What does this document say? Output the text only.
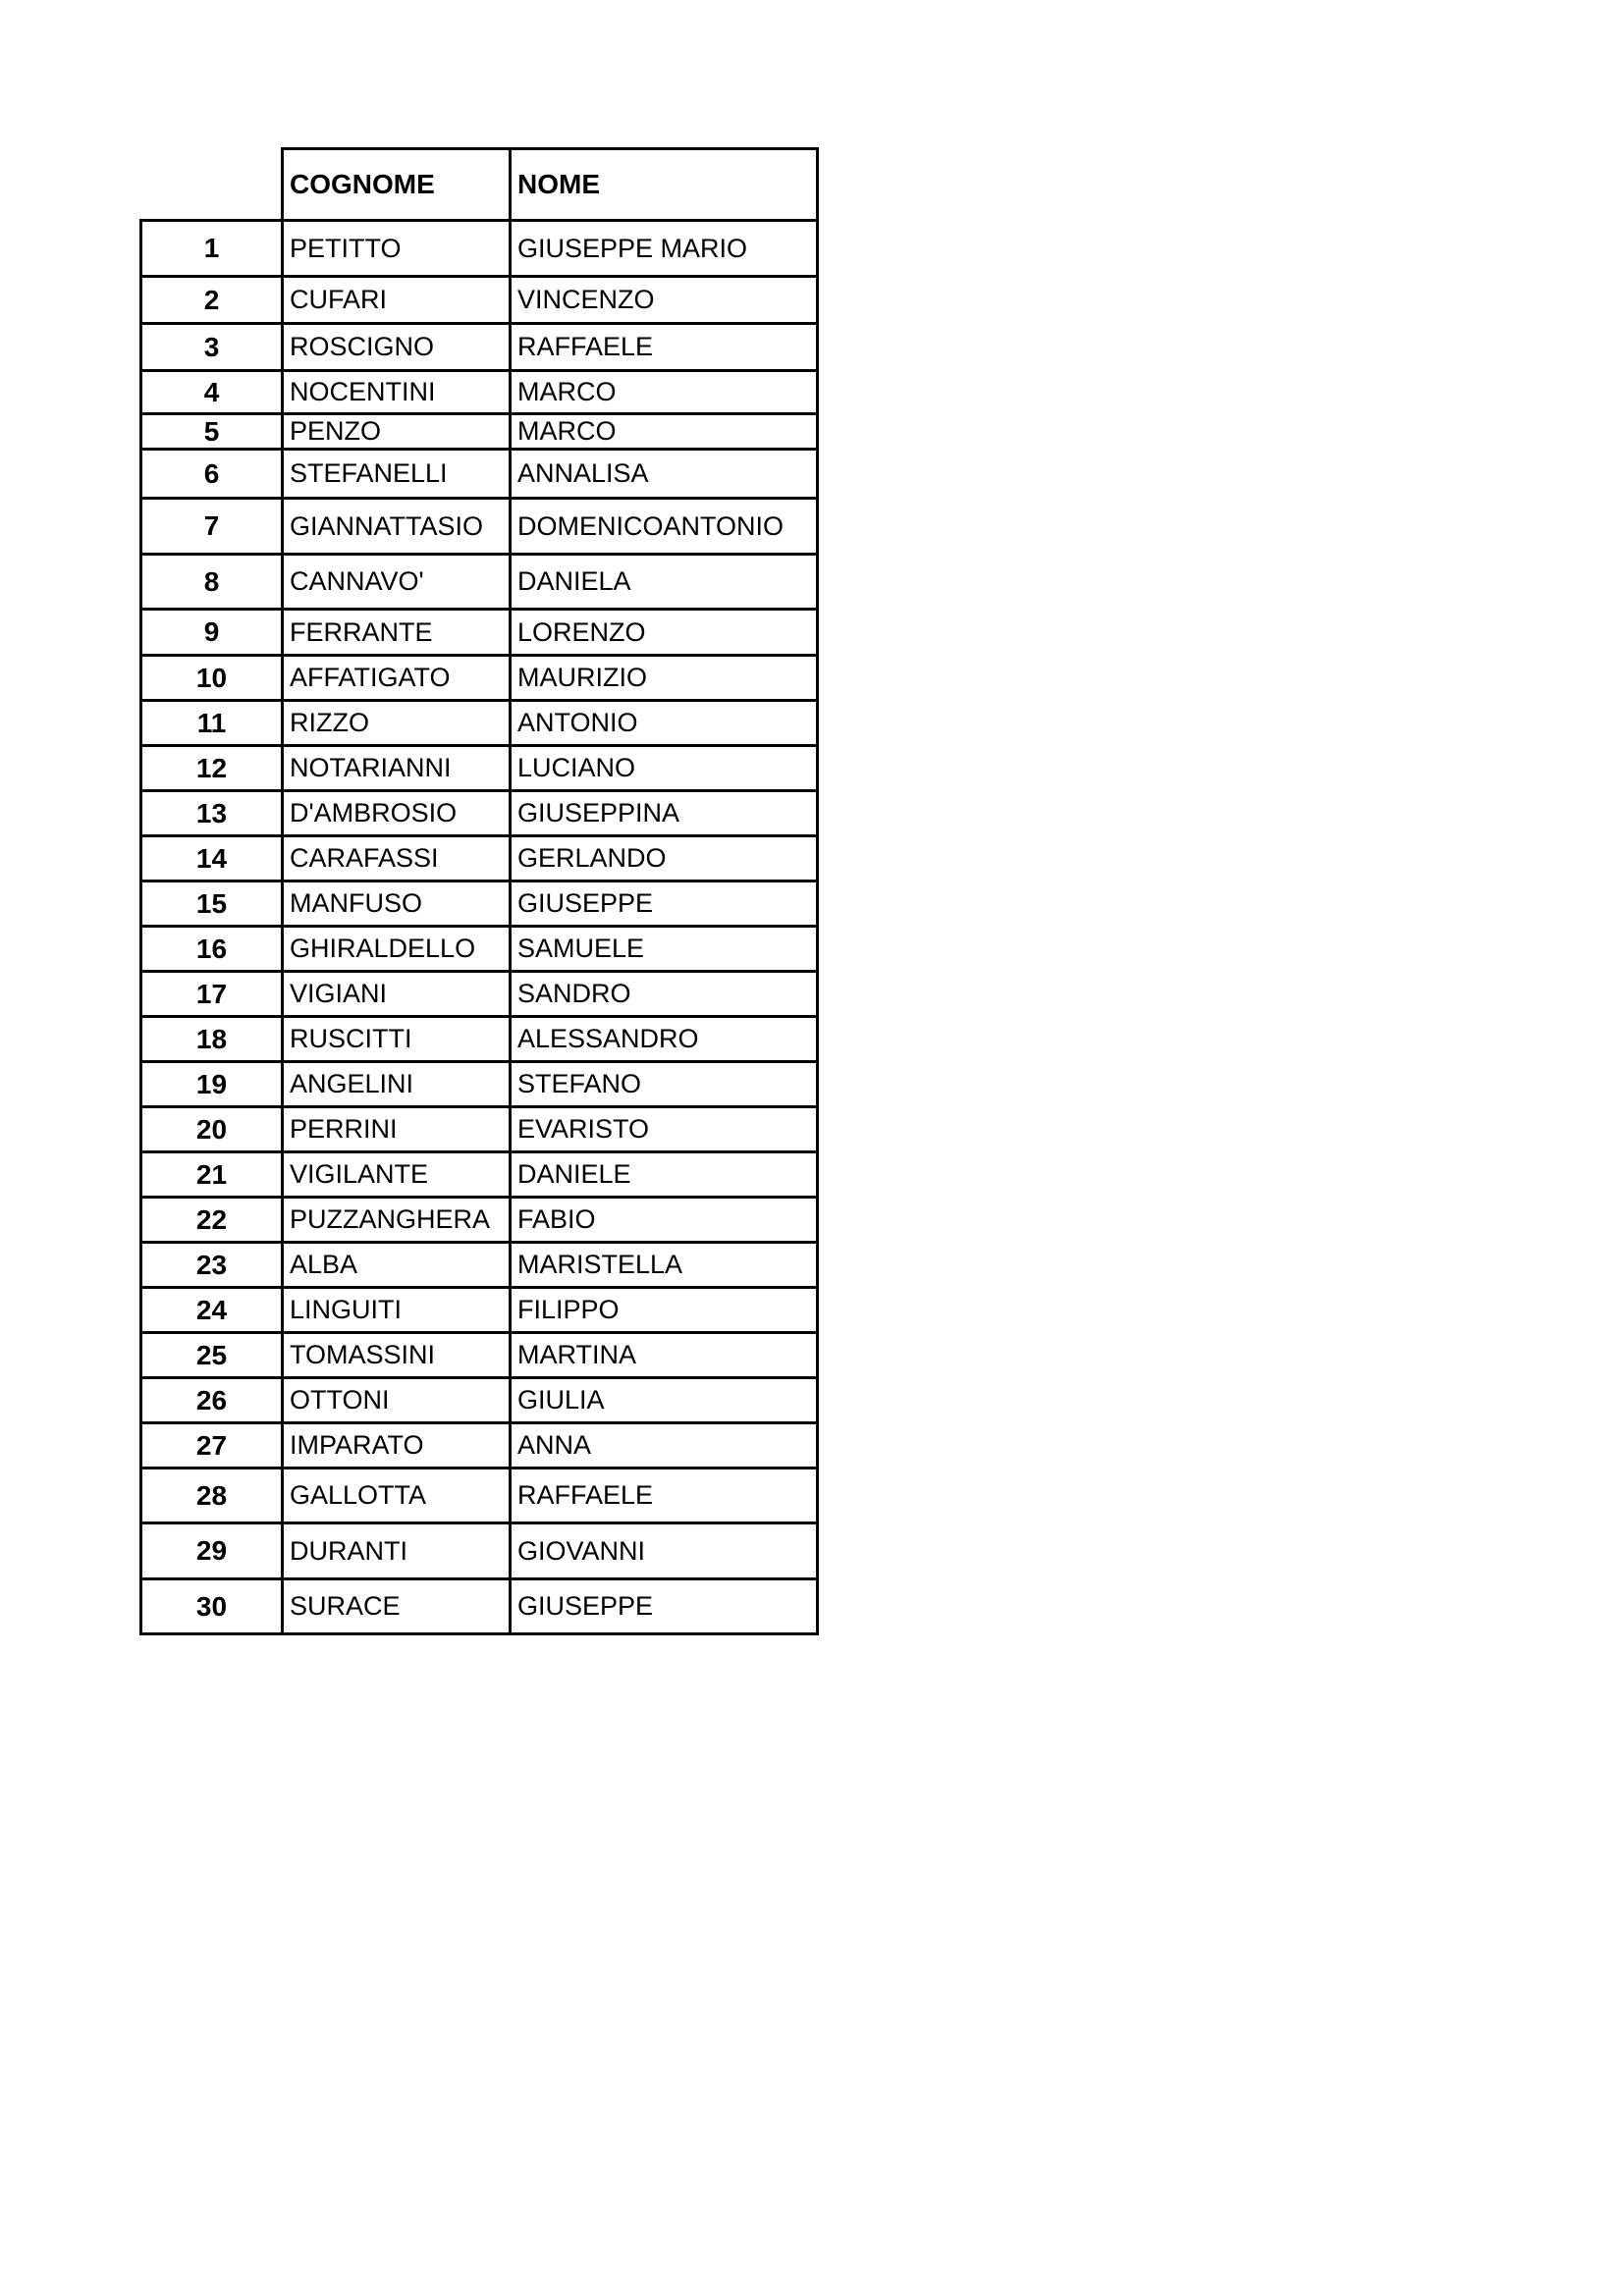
	COGNOME	NOME
1	PETITTO	GIUSEPPE MARIO
2	CUFARI	VINCENZO
3	ROSCIGNO	RAFFAELE
4	NOCENTINI	MARCO
5	PENZO	MARCO
6	STEFANELLI	ANNALISA
7	GIANNATTASIO	DOMENICOANTONIO
8	CANNAVO'	DANIELA
9	FERRANTE	LORENZO
10	AFFATIGATO	MAURIZIO
11	RIZZO	ANTONIO
12	NOTARIANNI	LUCIANO
13	D'AMBROSIO	GIUSEPPINA
14	CARAFASSI	GERLANDO
15	MANFUSO	GIUSEPPE
16	GHIRALDELLO	SAMUELE
17	VIGIANI	SANDRO
18	RUSCITTI	ALESSANDRO
19	ANGELINI	STEFANO
20	PERRINI	EVARISTO
21	VIGILANTE	DANIELE
22	PUZZANGHERA	FABIO
23	ALBA	MARISTELLA
24	LINGUITI	FILIPPO
25	TOMASSINI	MARTINA
26	OTTONI	GIULIA
27	IMPARATO	ANNA
28	GALLOTTA	RAFFAELE
29	DURANTI	GIOVANNI
30	SURACE	GIUSEPPE
